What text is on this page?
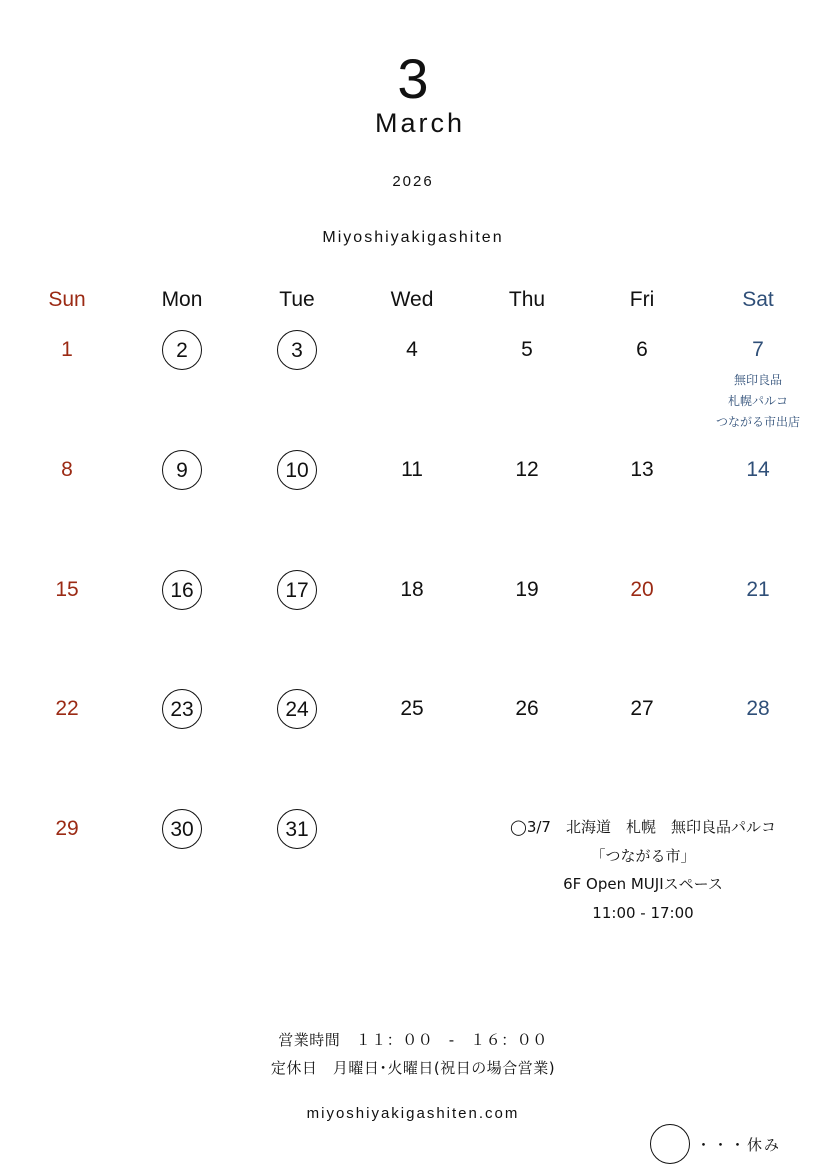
3
March
2026
Miyoshiyakigashiten
Sun	Mon	Tue	Wed	Thu	Fri	Sat
1	2	3	4	5	6	7
8	9	10	11	12	13	14
15	16	17	18	19	20	21
22	23	24	25	26	27	28
29	30	31
無印良品
札幌パルコ
つながる市出店
◯3/7　北海道　札幌　無印良品パルコ
「つながる市」
6F Open MUJIスペース
11:00 - 17:00
営業時間　１１：００　-　１６：００
定休日　月曜日･火曜日(祝日の場合営業)
miyoshiyakigashiten.com
・・・休み
